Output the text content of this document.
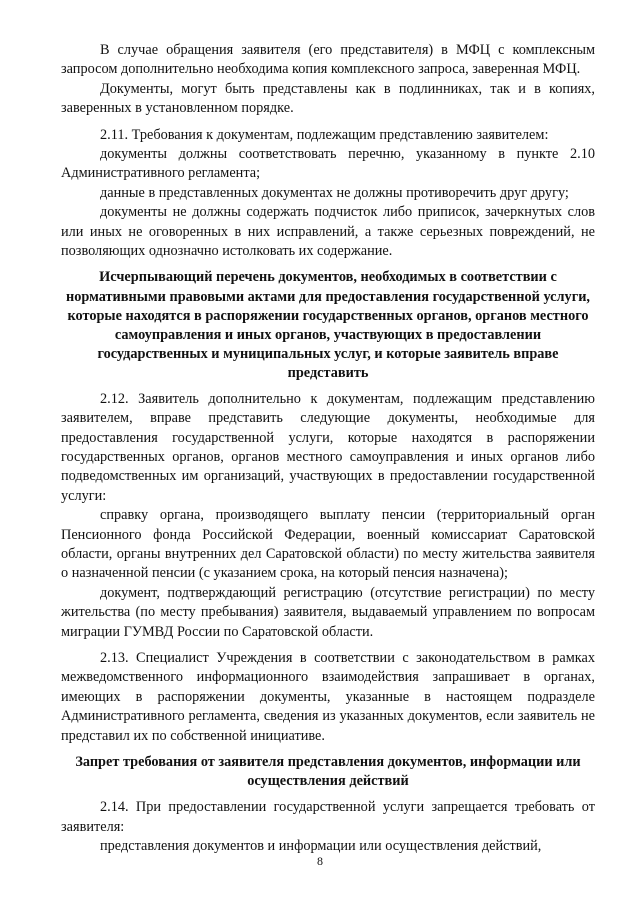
В случае обращения заявителя (его представителя) в МФЦ с комплексным запросом дополнительно необходима копия комплексного запроса, заверенная МФЦ.

Документы, могут быть представлены как в подлинниках, так и в копиях, заверенных в установленном порядке.

2.11. Требования к документам, подлежащим представлению заявителем:

документы должны соответствовать перечню, указанному в пункте 2.10 Административного регламента;

данные в представленных документах не должны противоречить друг другу;

документы не должны содержать подчисток либо приписок, зачеркнутых слов или иных не оговоренных в них исправлений, а также серьезных повреждений, не позволяющих однозначно истолковать их содержание.

Исчерпывающий перечень документов, необходимых в соответствии с нормативными правовыми актами для предоставления государственной услуги, которые находятся в распоряжении государственных органов, органов местного самоуправления и иных органов, участвующих в предоставлении государственных и муниципальных услуг, и которые заявитель вправе представить

2.12. Заявитель дополнительно к документам, подлежащим представлению заявителем, вправе представить следующие документы, необходимые для предоставления государственной услуги, которые находятся в распоряжении государственных органов, органов местного самоуправления и иных органов либо подведомственных им организаций, участвующих в предоставлении государственной услуги:

справку органа, производящего выплату пенсии (территориальный орган Пенсионного фонда Российской Федерации, военный комиссариат Саратовской области, органы внутренних дел Саратовской области) по месту жительства заявителя о назначенной пенсии (с указанием срока, на который пенсия назначена);

документ, подтверждающий регистрацию (отсутствие регистрации) по месту жительства (по месту пребывания) заявителя, выдаваемый управлением по вопросам миграции ГУМВД России по Саратовской области.

2.13. Специалист Учреждения в соответствии с законодательством в рамках межведомственного информационного взаимодействия запрашивает в органах, имеющих в распоряжении документы, указанные в настоящем подразделе Административного регламента, сведения из указанных документов, если заявитель не представил их по собственной инициативе.

Запрет требования от заявителя представления документов, информации или осуществления действий

2.14. При предоставлении государственной услуги запрещается требовать от заявителя:

представления документов и информации или осуществления действий,

8
